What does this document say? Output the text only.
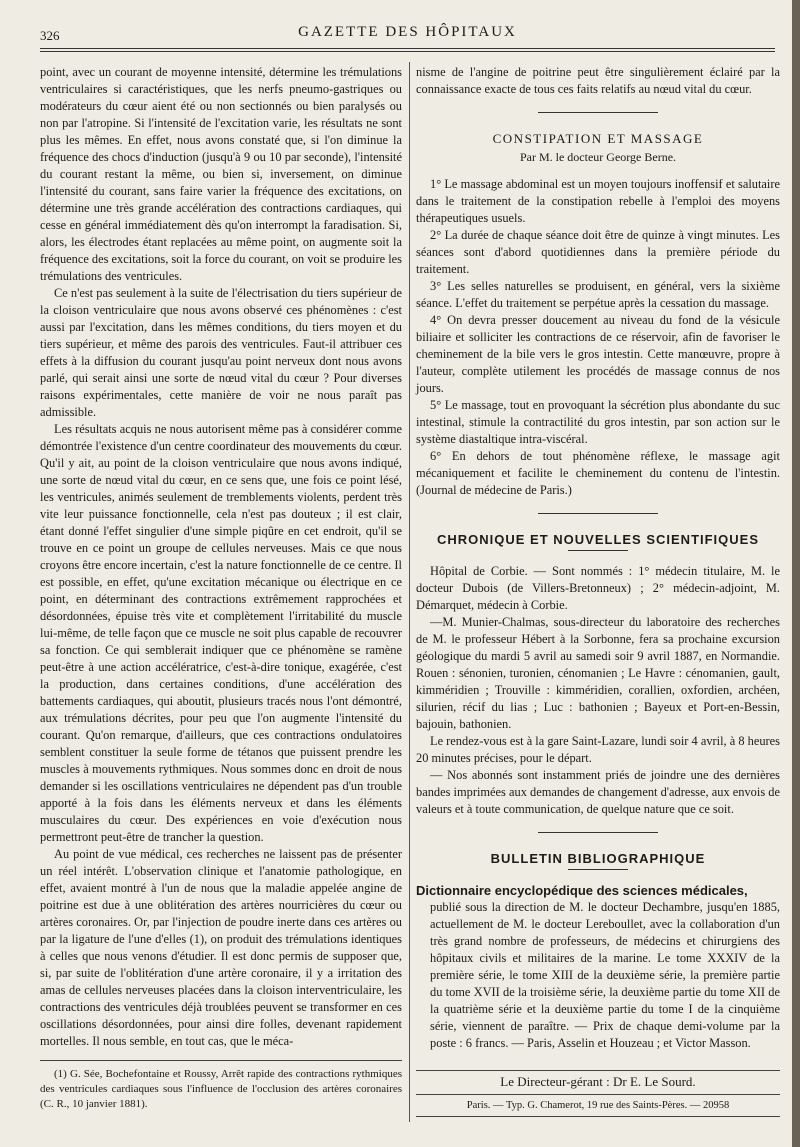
326	GAZETTE DES HÔPITAUX

point, avec un courant de moyenne intensité, détermine les trémulations ventriculaires si caractéristiques, que les nerfs pneumo-gastriques ou modérateurs du cœur aient été ou non sectionnés ou bien paralysés ou non par l'atropine. Si l'intensité de l'excitation varie, les résultats ne sont plus les mêmes. En effet, nous avons constaté que, si l'on diminue la fréquence des chocs d'induction (jusqu'à 9 ou 10 par seconde), l'intensité du courant restant la même, ou bien si, inversement, on diminue l'intensité du courant, sans faire varier la fréquence des excitations, on détermine une très grande accélération des contractions cardiaques, qui cesse en général immédiatement dès qu'on interrompt la faradisation. Si, alors, les électrodes étant replacées au même point, on augmente soit la fréquence des excitations, soit la force du courant, on voit se produire les trémulations des ventricules.

Ce n'est pas seulement à la suite de l'électrisation du tiers supérieur de la cloison ventriculaire que nous avons observé ces phénomènes : c'est aussi par l'excitation, dans les mêmes conditions, du tiers moyen et du tiers supérieur, et même des parois des ventricules. Faut-il attribuer ces effets à la diffusion du courant jusqu'au point nerveux dont nous avons parlé, qui serait ainsi une sorte de nœud vital du cœur ? Pour diverses raisons expérimentales, cette manière de voir ne nous paraît pas admissible.

Les résultats acquis ne nous autorisent même pas à considérer comme démontrée l'existence d'un centre coordinateur des mouvements du cœur. Qu'il y ait, au point de la cloison ventriculaire que nous avons indiqué, une sorte de nœud vital du cœur, en ce sens que, une fois ce point lésé, les ventricules, animés seulement de tremblements violents, perdent très vite leur puissance fonctionnelle, cela n'est pas douteux ; il est clair, étant donné l'effet singulier d'une simple piqûre en cet endroit, qu'il se trouve en ce point un groupe de cellules nerveuses. Mais ce que nous croyons être encore incertain, c'est la nature fonctionnelle de ce centre. Il est possible, en effet, qu'une excitation mécanique ou électrique en ce point, en déterminant des contractions extrêmement rapprochées et désordonnées, épuise très vite et complètement l'irritabilité du muscle lui-même, de telle façon que ce muscle ne soit plus capable de recouvrer sa fonction. Ce qui semblerait indiquer que ce phénomène se ramène peut-être à une action accélératrice, c'est-à-dire tonique, exagérée, c'est la production, dans certaines conditions, d'une accélération des battements cardiaques, qui aboutit, plusieurs tracés nous l'ont démontré, aux trémulations décrites, pour peu que l'on augmente l'intensité du courant. Qu'on remarque, d'ailleurs, que ces contractions ondulatoires semblent constituer la seule forme de tétanos que puissent prendre les muscles à mouvements rythmiques. Nous sommes donc en droit de nous demander si les oscillations ventriculaires ne dépendent pas d'un trouble apporté à la fois dans les éléments nerveux et dans les éléments musculaires du cœur. Des expériences en voie d'exécution nous permettront peut-être de trancher la question.

Au point de vue médical, ces recherches ne laissent pas de présenter un réel intérêt. L'observation clinique et l'anatomie pathologique, en effet, avaient montré à l'un de nous que la maladie appelée angine de poitrine est due à une oblitération des artères nourricières du cœur ou artères coronaires. Or, par l'injection de poudre inerte dans ces artères ou par la ligature de l'une d'elles (1), on produit des trémulations identiques à celles que nous venons d'étudier. Il est donc permis de supposer que, si, par suite de l'oblitération d'une artère coronaire, il y a irritation des amas de cellules nerveuses placées dans la cloison interventriculaire, les contractions des ventricules déjà troublées peuvent se transformer en ces oscillations désordonnées, pour ainsi dire folles, devenant rapidement mortelles. Il nous semble, en tout cas, que le méca-

(1) G. Sée, Bochefontaine et Roussy, Arrêt rapide des contractions rythmiques des ventricules cardiaques sous l'influence de l'occlusion des artères coronaires (C. R., 10 janvier 1881).

nisme de l'angine de poitrine peut être singulièrement éclairé par la connaissance exacte de tous ces faits relatifs au nœud vital du cœur.

CONSTIPATION ET MASSAGE
Par M. le docteur George Berne.

1° Le massage abdominal est un moyen toujours inoffensif et salutaire dans le traitement de la constipation rebelle à l'emploi des moyens thérapeutiques usuels.

2° La durée de chaque séance doit être de quinze à vingt minutes. Les séances sont d'abord quotidiennes dans la première période du traitement.

3° Les selles naturelles se produisent, en général, vers la sixième séance. L'effet du traitement se perpétue après la cessation du massage.

4° On devra presser doucement au niveau du fond de la vésicule biliaire et solliciter les contractions de ce réservoir, afin de favoriser le cheminement de la bile vers le gros intestin. Cette manœuvre, propre à l'auteur, complète utilement les procédés de massage connus de nos jours.

5° Le massage, tout en provoquant la sécrétion plus abondante du suc intestinal, stimule la contractilité du gros intestin, par son action sur le système diastaltique intra-viscéral.

6° En dehors de tout phénomène réflexe, le massage agit mécaniquement et facilite le cheminement du contenu de l'intestin. (Journal de médecine de Paris.)

CHRONIQUE ET NOUVELLES SCIENTIFIQUES

Hôpital de Corbie. — Sont nommés : 1° médecin titulaire, M. le docteur Dubois (de Villers-Bretonneux) ; 2° médecin-adjoint, M. Démarquet, médecin à Corbie.

—M. Munier-Chalmas, sous-directeur du laboratoire des recherches de M. le professeur Hébert à la Sorbonne, fera sa prochaine excursion géologique du mardi 5 avril au samedi soir 9 avril 1887, en Normandie. Rouen : sénonien, turonien, cénomanien ; Le Havre : cénomanien, gault, kimméridien ; Trouville : kimméridien, corallien, oxfordien, archéen, silurien, récif du lias ; Luc : bathonien ; Bayeux et Port-en-Bessin, bajouin, bathonien.

Le rendez-vous est à la gare Saint-Lazare, lundi soir 4 avril, à 8 heures 20 minutes précises, pour le départ.

— Nos abonnés sont instamment priés de joindre une des dernières bandes imprimées aux demandes de changement d'adresse, aux envois de valeurs et à toute communication, de quelque nature que ce soit.

BULLETIN BIBLIOGRAPHIQUE
Dictionnaire encyclopédique des sciences médicales,

publié sous la direction de M. le docteur Dechambre, jusqu'en 1885, actuellement de M. le docteur Lereboullet, avec la collaboration d'un très grand nombre de professeurs, de médecins et chirurgiens des hôpitaux civils et militaires de la marine. Le tome XXXIV de la première série, le tome XIII de la deuxième série, la première partie du tome XVII de la troisième série, la deuxième partie du tome XII de la quatrième série et la deuxième partie du tome I de la cinquième série, viennent de paraître. — Prix de chaque demi-volume par la poste : 6 francs. — Paris, Asselin et Houzeau ; et Victor Masson.

Le Directeur-gérant : Dr E. Le Sourd.
Paris. — Typ. G. Chamerot, 19 rue des Saints-Pères. — 20958
